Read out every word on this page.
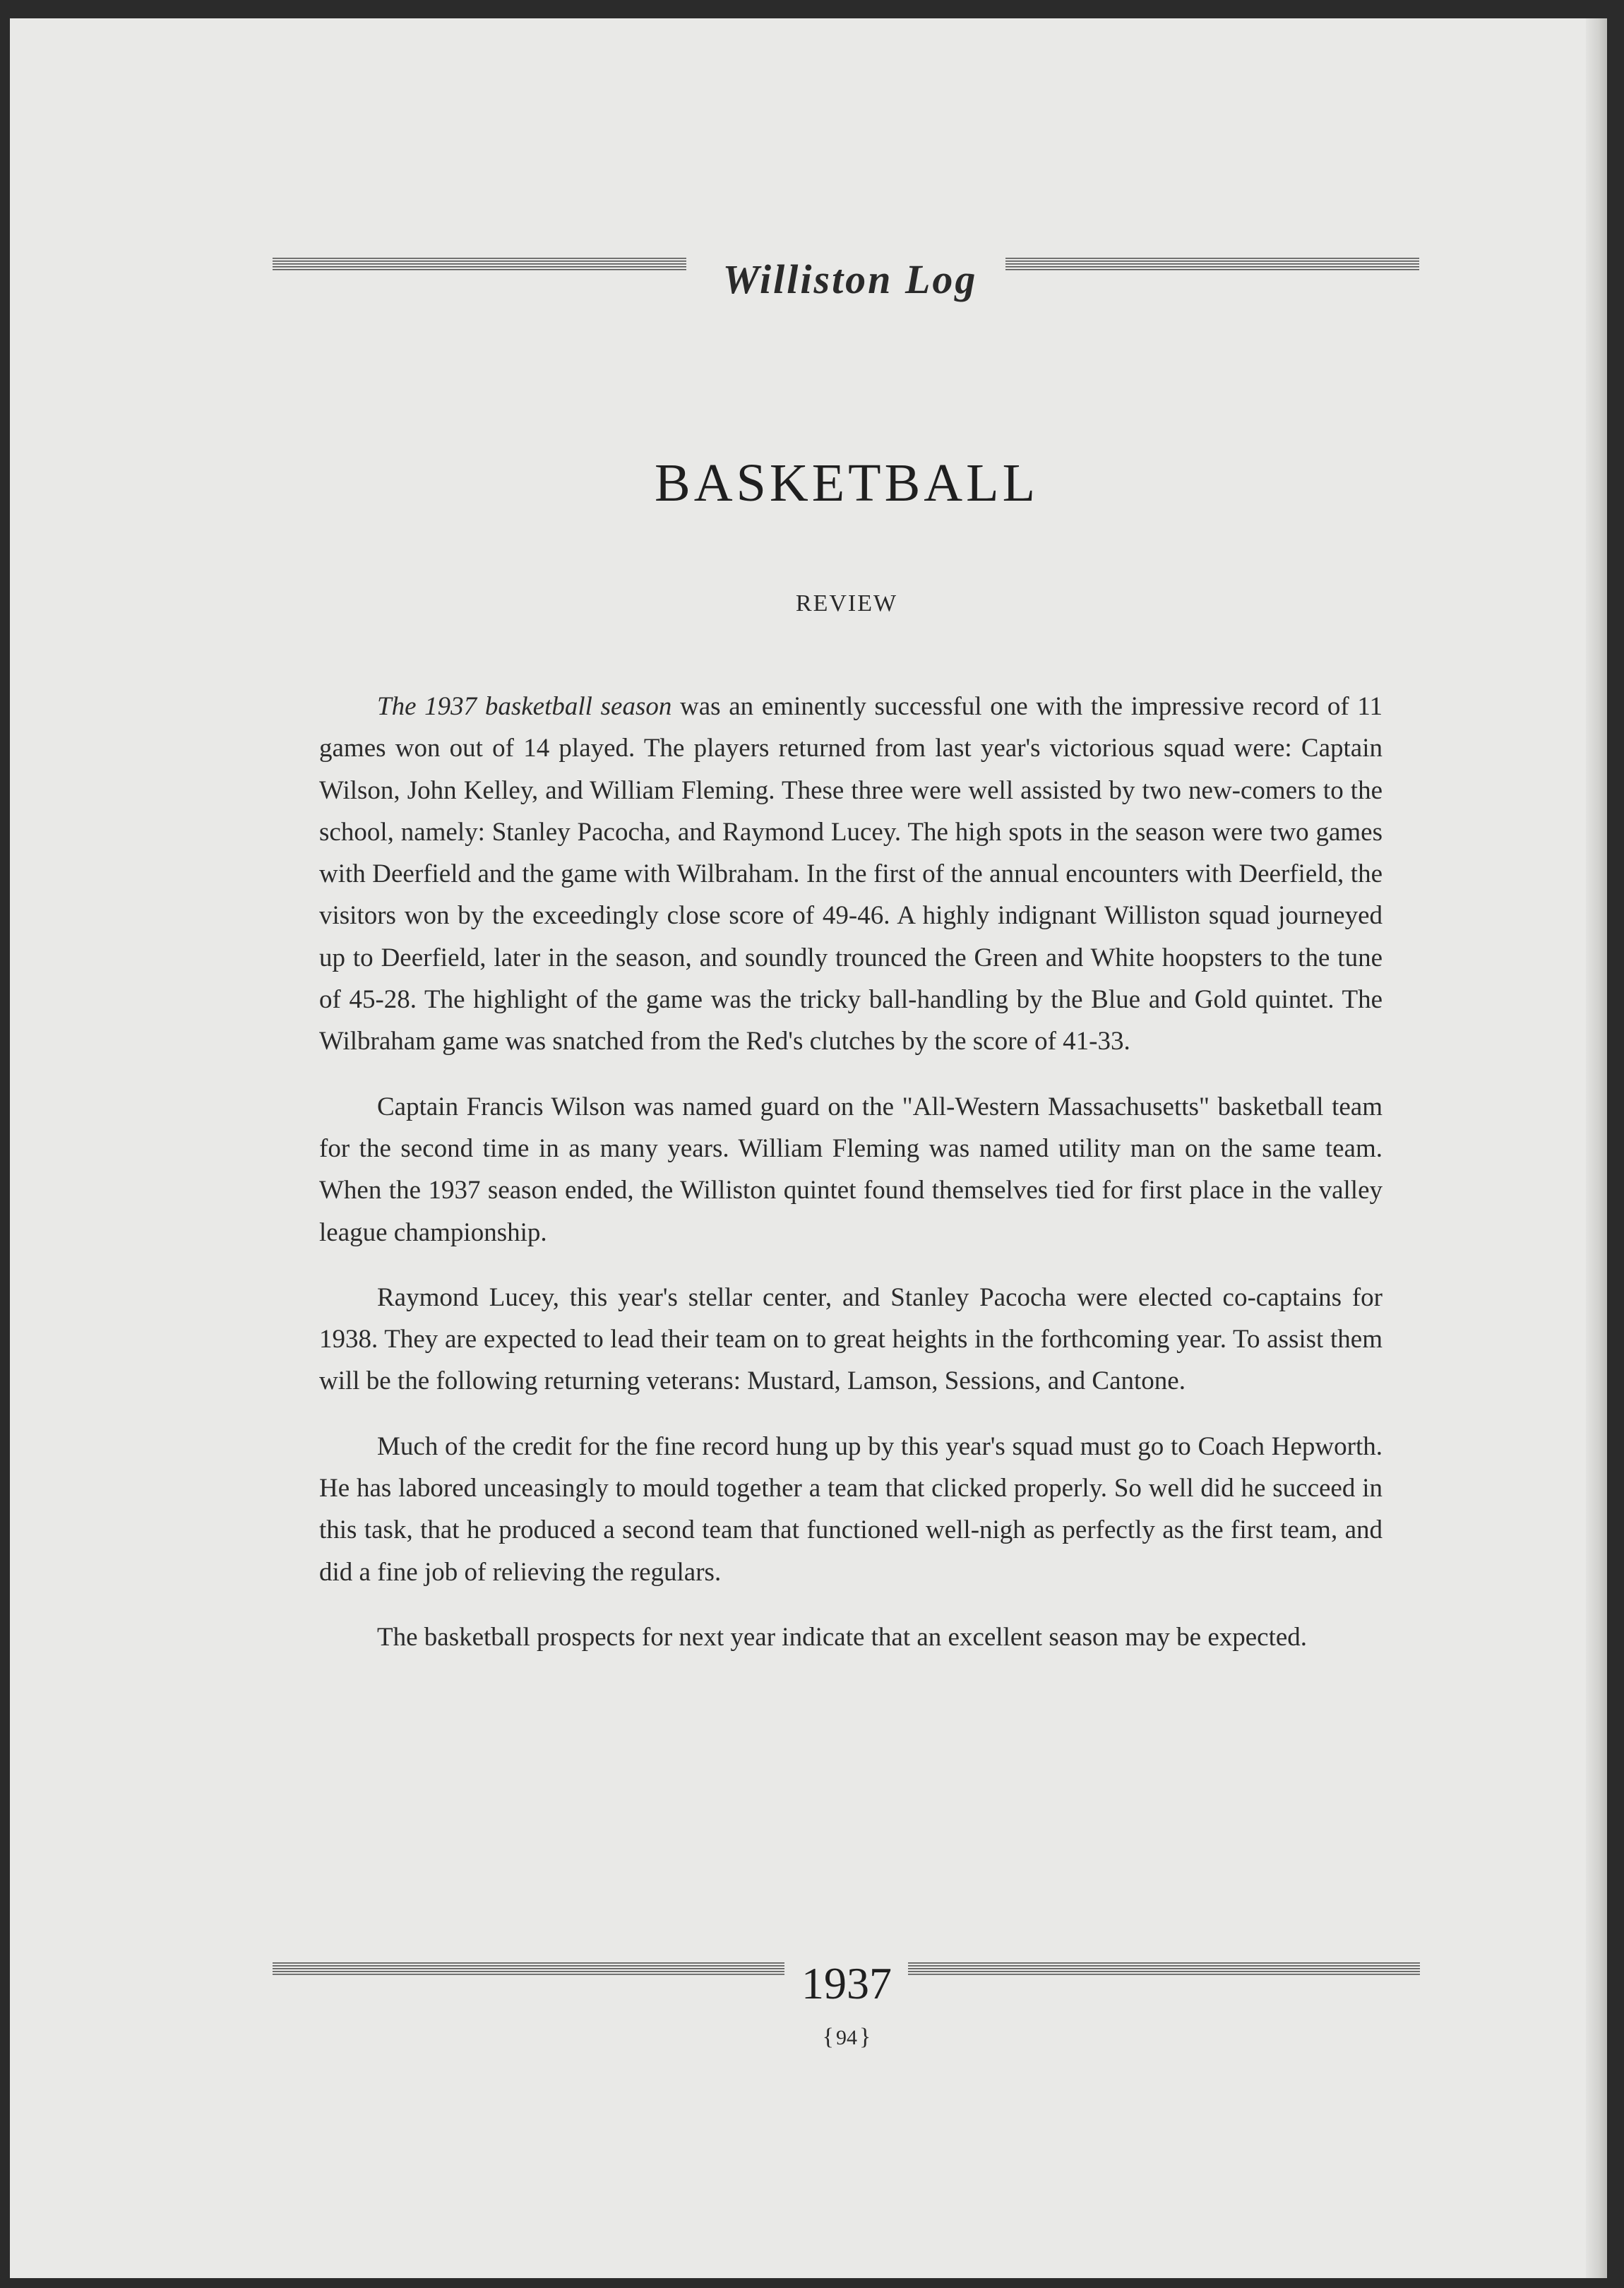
Williston Log
BASKETBALL
REVIEW

The 1937 basketball season was an eminently successful one with the impressive record of 11 games won out of 14 played. The players returned from last year's victorious squad were: Captain Wilson, John Kelley, and William Fleming. These three were well assisted by two new-comers to the school, namely: Stanley Pacocha, and Raymond Lucey. The high spots in the season were two games with Deerfield and the game with Wilbraham. In the first of the annual encounters with Deerfield, the visitors won by the exceedingly close score of 49-46. A highly indignant Williston squad journeyed up to Deerfield, later in the season, and soundly trounced the Green and White hoopsters to the tune of 45-28. The highlight of the game was the tricky ball-handling by the Blue and Gold quintet. The Wilbraham game was snatched from the Red's clutches by the score of 41-33.

Captain Francis Wilson was named guard on the "All-Western Massachusetts" basketball team for the second time in as many years. William Fleming was named utility man on the same team. When the 1937 season ended, the Williston quintet found themselves tied for first place in the valley league championship.

Raymond Lucey, this year's stellar center, and Stanley Pacocha were elected co-captains for 1938. They are expected to lead their team on to great heights in the forthcoming year. To assist them will be the following returning veterans: Mustard, Lamson, Sessions, and Cantone.

Much of the credit for the fine record hung up by this year's squad must go to Coach Hepworth. He has labored unceasingly to mould together a team that clicked properly. So well did he succeed in this task, that he produced a second team that functioned well-nigh as perfectly as the first team, and did a fine job of relieving the regulars.

The basketball prospects for next year indicate that an excellent season may be expected.

1937
{ 94}
